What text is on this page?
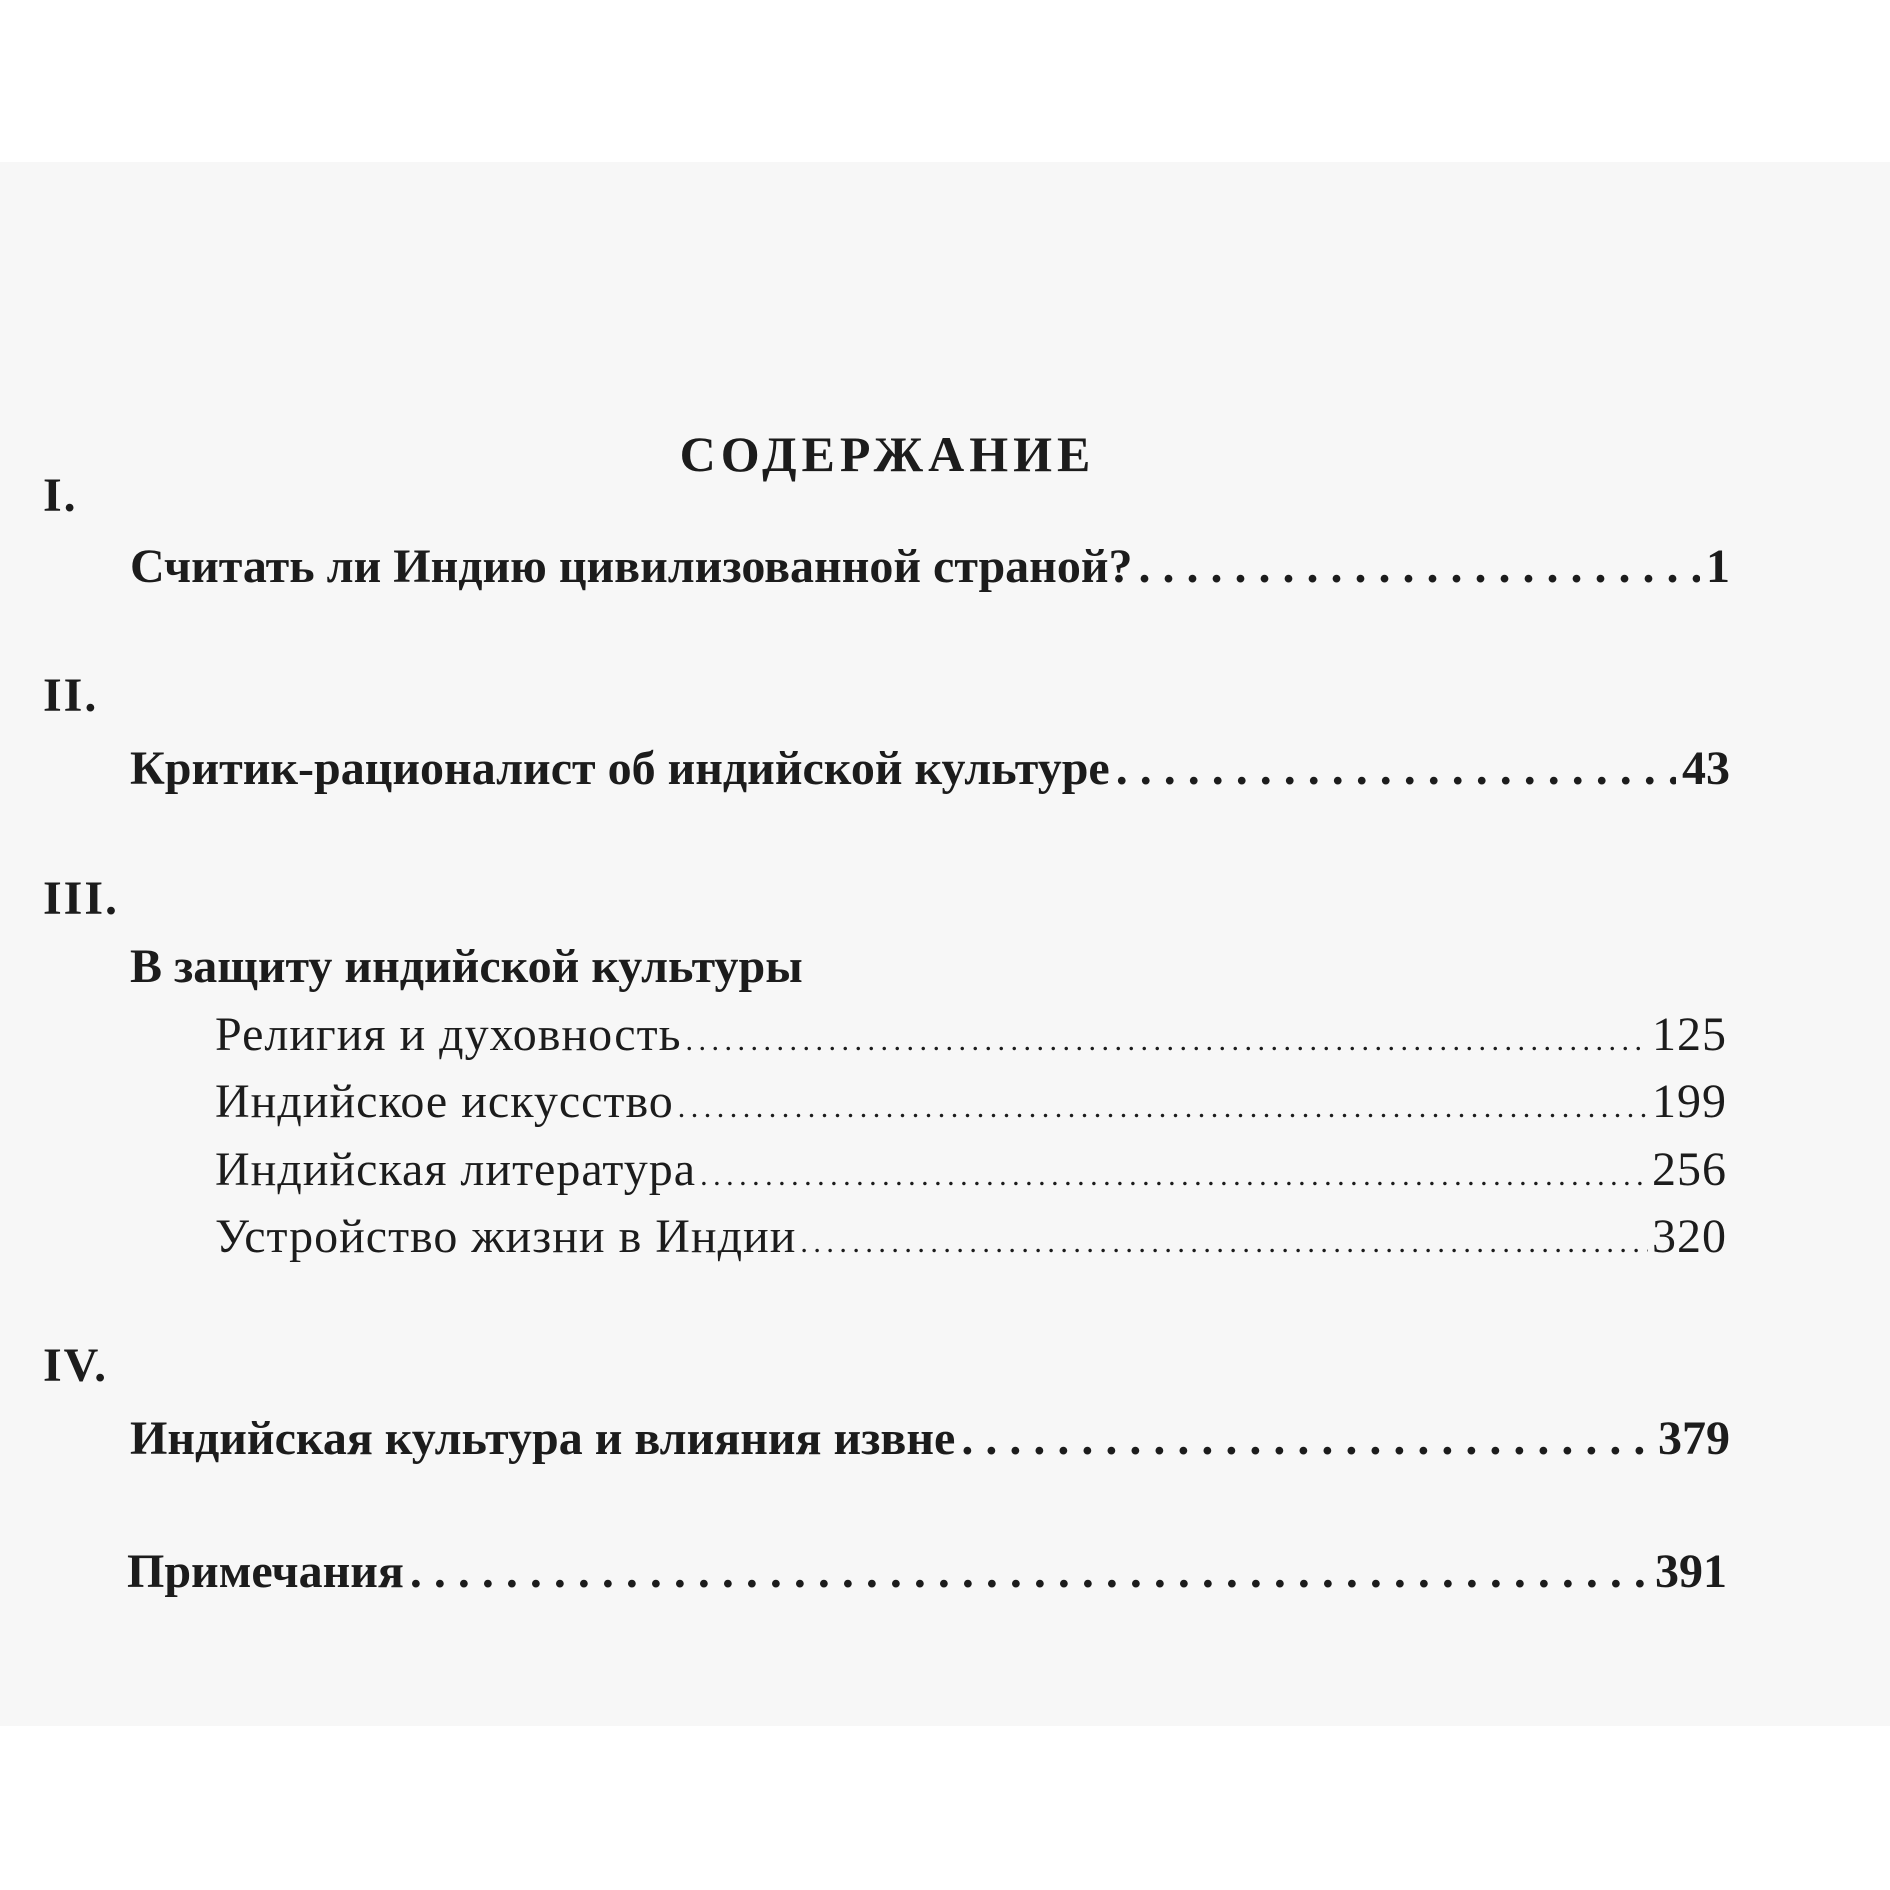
СОДЕРЖАНИЕ
I.
Считать ли Индию цивилизованной страной? . . .	1
II.
Критик-рационалист об индийской культуре . . .	43
III.
В защиту индийской культуры
Религия и духовность . . .	125
Индийское искусство . . .	199
Индийская литература . . .	256
Устройство жизни в Индии . . .	320
IV.
Индийская культура и влияния извне . . .	379
Примечания . . .	391
